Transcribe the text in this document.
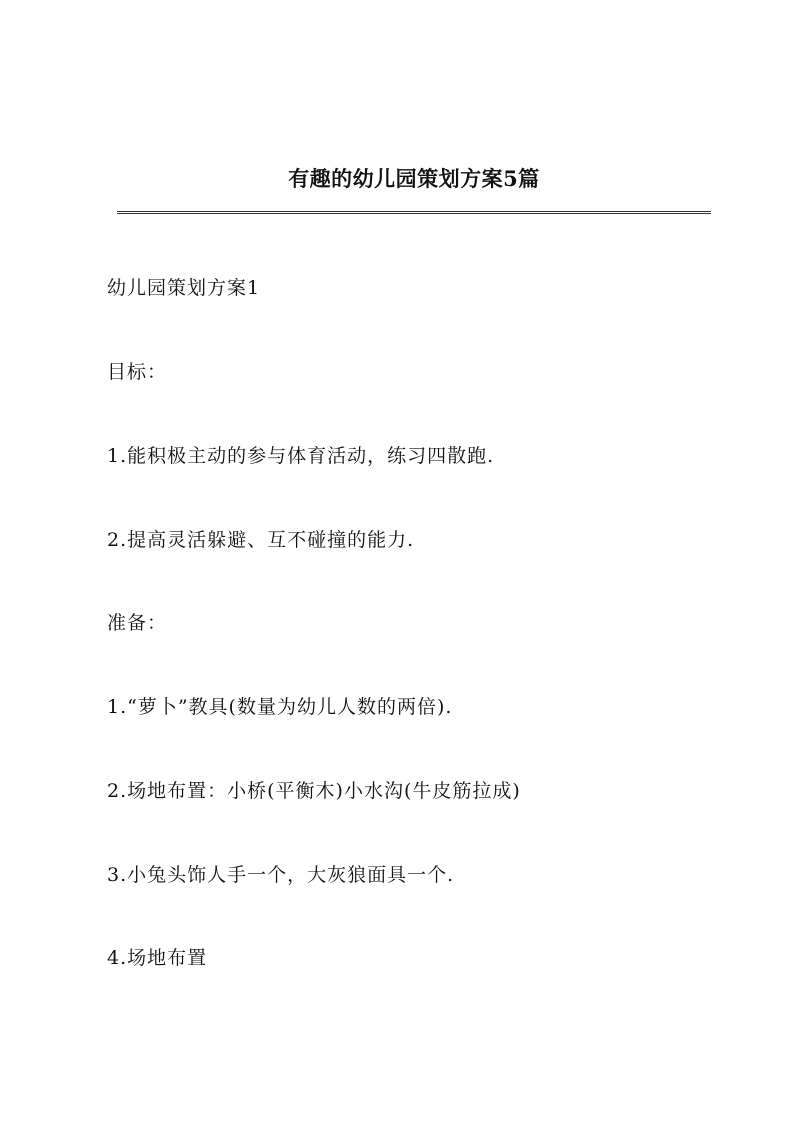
有趣的幼儿园策划方案5篇

幼儿园策划方案1

目标：

1.能积极主动的参与体育活动，练习四散跑.

2.提高灵活躲避、互不碰撞的能力.

准备：

1.“萝卜”教具(数量为幼儿人数的两倍).

2.场地布置：小桥(平衡木)小水沟(牛皮筋拉成)

3.小兔头饰人手一个，大灰狼面具一个.

4.场地布置
